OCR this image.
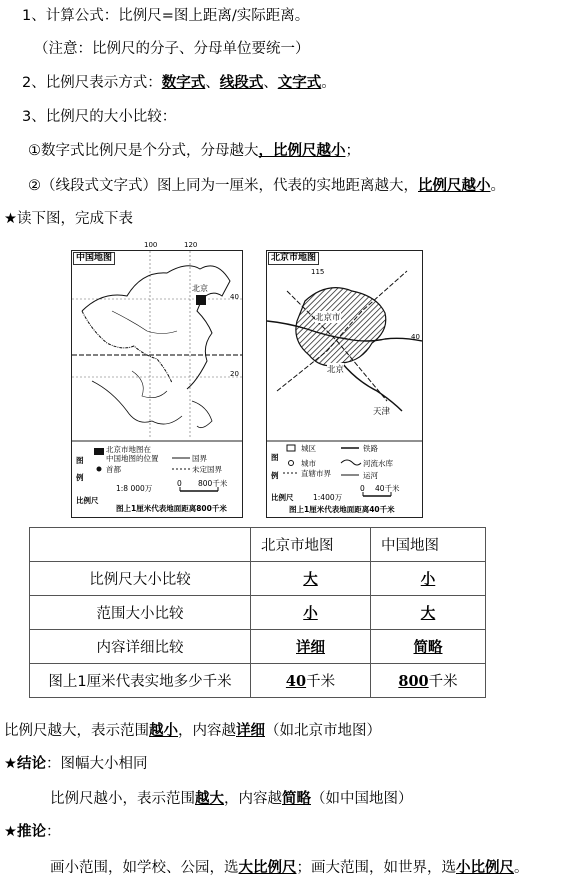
1、计算公式：比例尺=图上距离/实际距离。
（注意：比例尺的分子、分母单位要统一）
2、比例尺表示方式：数字式、线段式、文字式。
3、比例尺的大小比较：
①数字式比例尺是个分式，分母越大，比例尺越小；
②（线段式文字式）图上同为一厘米，代表的实地距离越大，比例尺越小。
★读下图，完成下表
中国地图
100	120
40
20
北京
图
例
北京市地图在
中国地图的位置
首都
国界
未定国界
比例尺
1:8 000万
0 800千米
图上1厘米代表地面距离800千米
北京市地图
115
40
北京市
北京
天津
图
例
城区
城市
直辖市界
铁路
河流水库
运河
比例尺	1:400万
0 40千米
图上1厘米代表地面距离40千米
	北京市地图	中国地图
比例尺大小比较	大	小
范围大小比较	小	大
内容详细比较	详细	简略
图上1厘米代表实地多少千米	40千米	800千米
比例尺越大，表示范围越小，内容越详细（如北京市地图）
★结论：图幅大小相同
比例尺越小，表示范围越大，内容越简略（如中国地图）
★推论：
画小范围，如学校、公园，选大比例尺；画大范围，如世界，选小比例尺。
